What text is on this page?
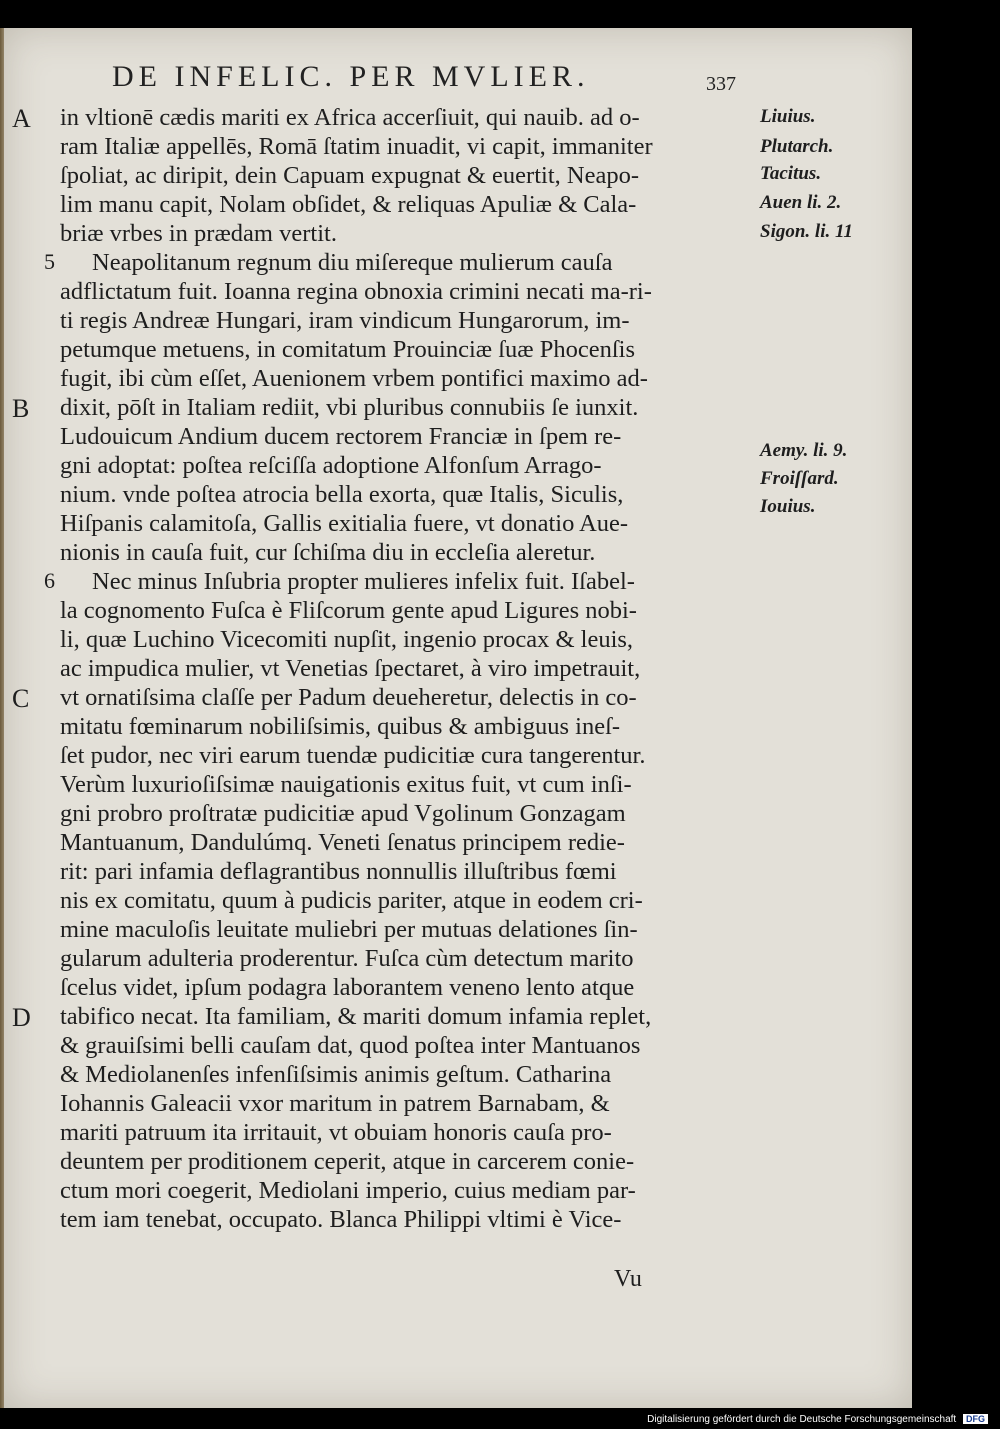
DE INFELIC. PER MVLIER.	337
in vltionē cædis mariti ex Africa accerſiuit, qui nauib. ad o-
ram Italiæ appellēs, Romā ſtatim inuadit, vi capit, immaniter
ſpoliat, ac diripit, dein Capuam expugnat & euertit, Neapo-
lim manu capit, Nolam obſidet, & reliquas Apuliæ & Cala-
briæ vrbes in prædam vertit.
Neapolitanum regnum diu miſereque mulierum cauſa
adflictatum fuit. Ioanna regina obnoxia crimini necati ma-ri-
ti regis Andreæ Hungari, iram vindicum Hungarorum, im-
petumque metuens, in comitatum Prouinciæ ſuæ Phocenſis
fugit, ibi cùm eſſet, Auenionem vrbem pontifici maximo ad-
dixit, pōſt in Italiam rediit, vbi pluribus connubiis ſe iunxit.
Ludouicum Andium ducem rectorem Franciæ in ſpem re-
gni adoptat: poſtea reſciſſa adoptione Alfonſum Arrago-
nium. vnde poſtea atrocia bella exorta, quæ Italis, Siculis,
Hiſpanis calamitoſa, Gallis exitialia fuere, vt donatio Aue-
nionis in cauſa fuit, cur ſchiſma diu in eccleſia aleretur.
Nec minus Inſubria propter mulieres infelix fuit. Iſabel-
la cognomento Fuſca è Fliſcorum gente apud Ligures nobi-
li, quæ Luchino Vicecomiti nupſit, ingenio procax & leuis,
ac impudica mulier, vt Venetias ſpectaret, à viro impetrauit,
vt ornatiſsima claſſe per Padum deueheretur, delectis in co-
mitatu fœminarum nobiliſsimis, quibus & ambiguus ineſ-
ſet pudor, nec viri earum tuendæ pudicitiæ cura tangerentur.
Verùm luxurioſiſsimæ nauigationis exitus fuit, vt cum inſi-
gni probro proſtratæ pudicitiæ apud Vgolinum Gonzagam
Mantuanum, Dandulúmq. Veneti ſenatus principem redie-
rit: pari infamia deflagrantibus nonnullis illuſtribus fœmi
nis ex comitatu, quum à pudicis pariter, atque in eodem cri-
mine maculoſis leuitate muliebri per mutuas delationes ſin-
gularum adulteria proderentur. Fuſca cùm detectum marito
ſcelus videt, ipſum podagra laborantem veneno lento atque
tabifico necat. Ita familiam, & mariti domum infamia replet,
& grauiſsimi belli cauſam dat, quod poſtea inter Mantuanos
& Mediolanenſes infenſiſsimis animis geſtum. Catharina
Iohannis Galeacii vxor maritum in patrem Barnabam, &
mariti patruum ita irritauit, vt obuiam honoris cauſa pro-
deuntem per proditionem ceperit, atque in carcerem conie-
ctum mori coegerit, Mediolani imperio, cuius mediam par-
tem iam tenebat, occupato. Blanca Philippi vltimi è Vice-
5
6
A
B
C
D
Liuius.
Plutarch.
Tacitus.
Auen li. 2.
Sigon. li. 11
Aemy. li. 9.
Froiſſard.
Iouius.
Vu
Digitalisierung gefördert durch die Deutsche Forschungsgemeinschaft DFG
